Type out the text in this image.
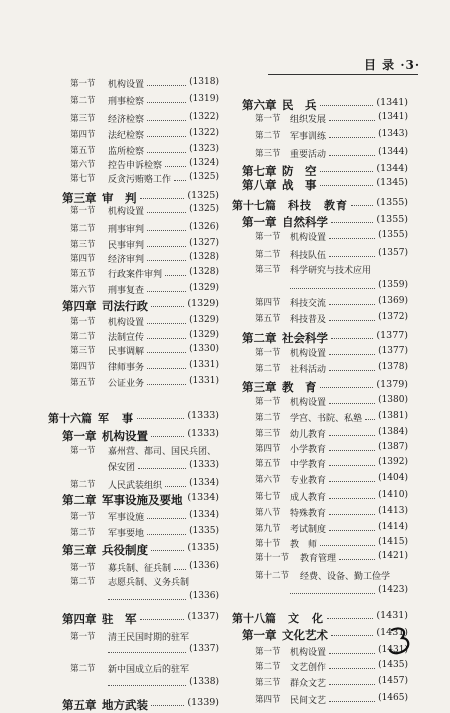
目 录 ·3·
第一节 机构设置	(1318)
第二节 刑事检察	(1319)
第三节 经济检察	(1322)
第四节 法纪检察	(1322)
第五节 监所检察	(1323)
第六节 控告申诉检察	(1324)
第七节 反贪污贿赂工作 (1325)
第三章 审　判	(1325)
第一节 机构设置	(1325)
第二节 刑事审判	(1326)
第三节 民事审判	(1327)
第四节 经济审判	(1328)
第五节 行政案件审判	(1328)
第六节 刑事复查	(1329)
第四章 司法行政	(1329)
第一节 机构设置	(1329)
第二节 法制宣传	(1329)
第三节 民事调解	(1330)
第四节 律师事务	(1331)
第五节 公证业务	(1331)
第十六篇 军　事	(1333)
第一章 机构设置	(1333)
第一节 嘉州营、都司、国民兵团、
保安团	(1333)
第二节 人民武装组织	(1334)
第二章 军事设施及要地 (1334)
第一节 军事设施	(1334)
第二节 军事要地	(1335)
第三章 兵役制度	(1335)
第一节 募兵制、征兵制 (1336)
第二节 志愿兵制、义务兵制
(1336)
第四章 驻　军	(1337)
第一节 清王民国时期的驻军
(1337)
第二节 新中国成立后的驻军
(1338)
第五章 地方武装	(1339)
第六章 民　兵	(1341)
第一节 组织发展	(1341)
第二节 军事训练	(1343)
第三节 重要活动	(1344)
第七章 防　空	(1344)
第八章 战　事	(1345)
第十七篇 科技　教育	(1355)
第一章 自然科学	(1355)
第一节 机构设置	(1355)
第二节 科技队伍	(1357)
第三节 科学研究与技术应用
(1359)
第四节 科技交流	(1369)
第五节 科技普及	(1372)
第二章 社会科学	(1377)
第一节 机构设置	(1377)
第二节 社科活动	(1378)
第三章 教　育	(1379)
第一节 机构设置	(1380)
第二节 学宫、书院、私塾 (1381)
第三节 幼儿教育	(1384)
第四节 小学教育	(1387)
第五节 中学教育	(1392)
第六节 专业教育	(1404)
第七节 成人教育	(1410)
第八节 特殊教育	(1413)
第九节 考试制度	(1414)
第十节 教　师	(1415)
第十一节 教育管理	(1421)
第十二节 经费、设备、勤工俭学
(1423)
第十八篇 文　化	(1431)
第一章 文化艺术	(1431)
第一节 机构设置	(1431)
第二节 文艺创作	(1435)
第三节 群众文艺	(1457)
第四节 民间文艺	(1465)
